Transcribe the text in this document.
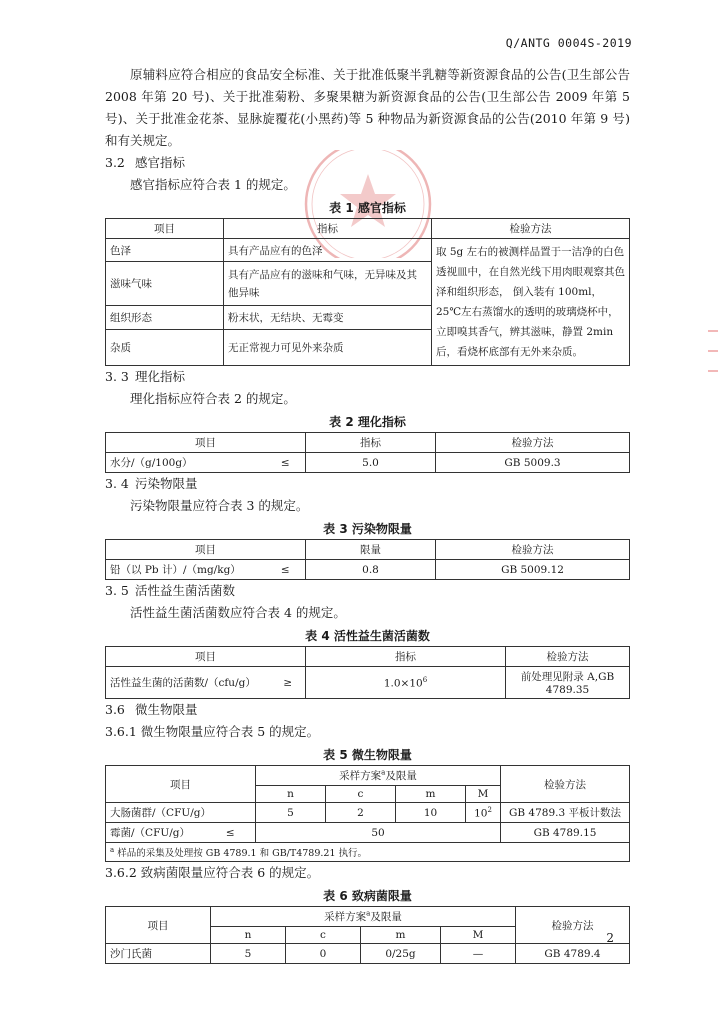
Q/ANTG 0004S-2019

原辅料应符合相应的食品安全标准、关于批准低聚半乳糖等新资源食品的公告(卫生部公告 2008 年第 20 号)、关于批准菊粉、多聚果糖为新资源食品的公告(卫生部公告 2009 年第 5 号)、关于批准金花茶、显脉旋覆花(小黑药)等 5 种物品为新资源食品的公告(2010 年第 9 号)和有关规定。

3.2 感官指标
感官指标应符合表 1 的规定。
表 1 感官指标
项目	指标	检验方法
色泽	具有产品应有的色泽	取 5g 左右的被测样品置于一洁净的白色透视皿中，在自然光线下用肉眼观察其色泽和组织形态， 倒入装有 100ml， 25℃左右蒸馏水的透明的玻璃烧杯中，立即嗅其香气，辨其滋味，静置 2min 后，看烧杯底部有无外来杂质。
滋味气味	具有产品应有的滋味和气味，无异味及其他异味	
组织形态	粉末状，无结块、无霉变	
杂质	无正常视力可见外来杂质	
3. 3 理化指标
理化指标应符合表 2 的规定。
表 2 理化指标
项目		指标	检验方法
水分/（g/100g）	≤	5.0	GB 5009.3
3. 4 污染物限量
污染物限量应符合表 3 的规定。
表 3 污染物限量
项目		限量	检验方法
铅（以 Pb 计）/（mg/kg）	≤	0.8	GB 5009.12
3. 5 活性益生菌活菌数
活性益生菌活菌数应符合表 4 的规定。
表 4 活性益生菌活菌数
项目		指标	检验方法
活性益生菌的活菌数/（cfu/g）	≥	$1.0\times 10^6$	前处理见附录 A,GB 4789.35
3.6 微生物限量
3.6.1 微生物限量应符合表 5 的规定。
表 5 微生物限量
项目		采样方案$^a$及限量				检验方法
		n	c	m	M	
大肠菌群/（CFU/g）		5	2	10	$10^2$	GB 4789.3 平板计数法
霉菌/（CFU/g）	≤	50				GB 4789.15
$^a$ 样品的采集及处理按 GB 4789.1 和 GB/T4789.21 执行。						
3.6.2 致病菌限量应符合表 6 的规定。
表 6 致病菌限量
项目	采样方案$^a$及限量				检验方法
	n	c	m	M	
沙门氏菌	5	0	0/25g	—	GB 4789.4
2
